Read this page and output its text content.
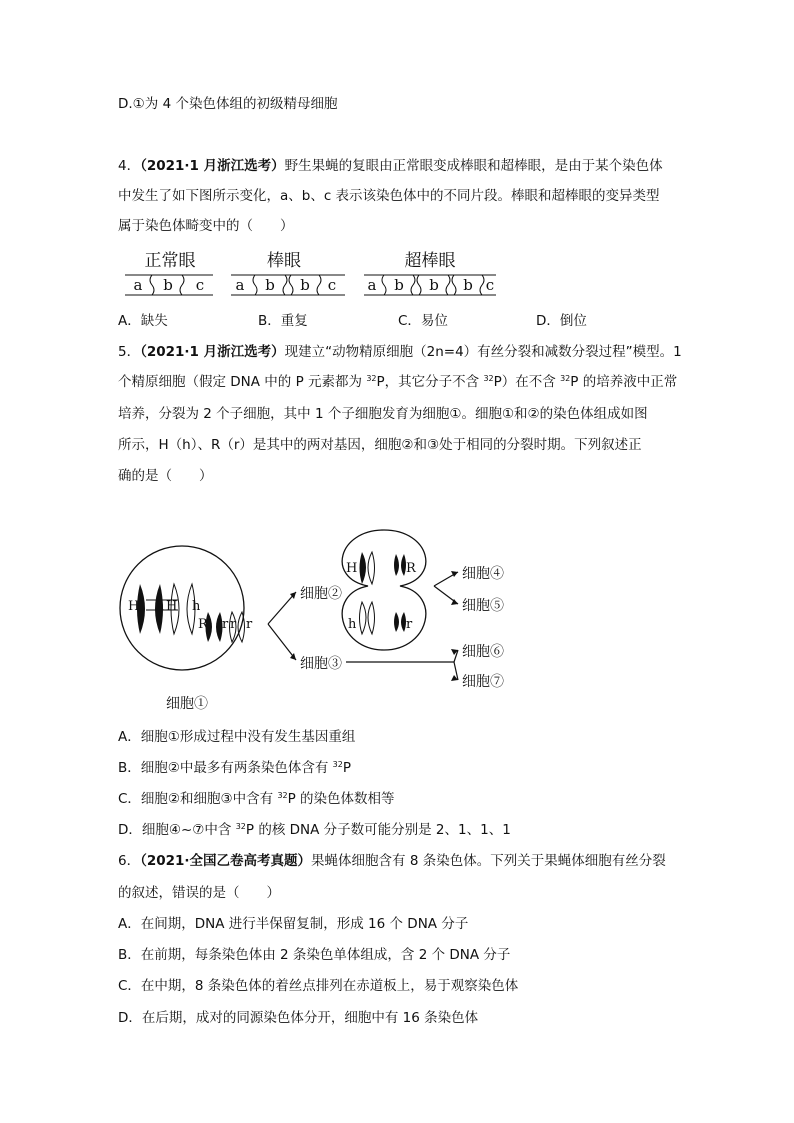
D.①为 4 个染色体组的初级精母细胞
4．（2021·1 月浙江选考）野生果蝇的复眼由正常眼变成棒眼和超棒眼，是由于某个染色体
中发生了如下图所示变化，a、b、c 表示该染色体中的不同片段。棒眼和超棒眼的变异类型
属于染色体畸变中的（　　）
正常眼	棒眼	超棒眼
a b c a b b c a b b b c
A．缺失	B．重复	C．易位	D．倒位
5．（2021·1 月浙江选考）现建立“动物精原细胞（2n=4）有丝分裂和减数分裂过程”模型。1
个精原细胞（假定 DNA 中的 P 元素都为 $^{32}$P，其它分子不含 $^{32}$P）在不含 $^{32}$P 的培养液中正常
培养，分裂为 2 个子细胞，其中 1 个子细胞发育为细胞①。细胞①和②的染色体组成如图
所示，H（h）、R（r）是其中的两对基因，细胞②和③处于相同的分裂时期。下列叙述正
确的是（　　）
H h H h
R r r r
细胞①
细胞②
细胞③
H	R
h	r
细胞④
细胞⑤
细胞⑥
细胞⑦
A．细胞①形成过程中没有发生基因重组
B．细胞②中最多有两条染色体含有 $^{32}$P
C．细胞②和细胞③中含有 $^{32}$P 的染色体数相等
D．细胞④~⑦中含 $^{32}$P 的核 DNA 分子数可能分别是 2、1、1、1
6．（2021·全国乙卷高考真题）果蝇体细胞含有 8 条染色体。下列关于果蝇体细胞有丝分裂
的叙述，错误的是（　　）
A．在间期，DNA 进行半保留复制，形成 16 个 DNA 分子
B．在前期，每条染色体由 2 条染色单体组成，含 2 个 DNA 分子
C．在中期，8 条染色体的着丝点排列在赤道板上，易于观察染色体
D．在后期，成对的同源染色体分开，细胞中有 16 条染色体
